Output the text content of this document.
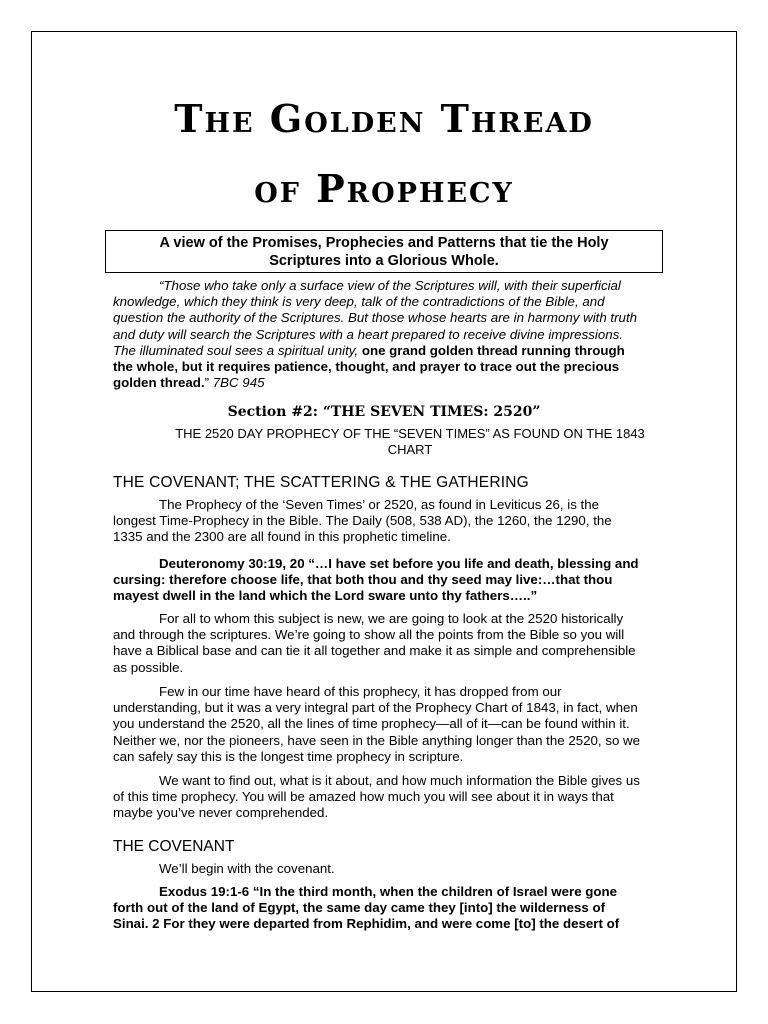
The Golden Thread
of Prophecy
A view of the Promises, Prophecies and Patterns that tie the Holy
Scriptures into a Glorious Whole.
“Those who take only a surface view of the Scriptures will, with their superficial knowledge, which they think is very deep, talk of the contradictions of the Bible, and question the authority of the Scriptures. But those whose hearts are in harmony with truth and duty will search the Scriptures with a heart prepared to receive divine impressions. The illuminated soul sees a spiritual unity, one grand golden thread running through the whole, but it requires patience, thought, and prayer to trace out the precious golden thread.” 7BC 945
Section #2: “THE SEVEN TIMES: 2520”
THE 2520 DAY PROPHECY OF THE “SEVEN TIMES” AS FOUND ON THE 1843 CHART
THE COVENANT; THE SCATTERING & THE GATHERING

The Prophecy of the ‘Seven Times’ or 2520, as found in Leviticus 26, is the longest Time-Prophecy in the Bible. The Daily (508, 538 AD), the 1260, the 1290, the 1335 and the 2300 are all found in this prophetic timeline.

Deuteronomy 30:19, 20 “…I have set before you life and death, blessing and cursing: therefore choose life, that both thou and thy seed may live:…that thou mayest dwell in the land which the Lord sware unto thy fathers…..”

For all to whom this subject is new, we are going to look at the 2520 historically and through the scriptures. We’re going to show all the points from the Bible so you will have a Biblical base and can tie it all together and make it as simple and comprehensible as possible.

Few in our time have heard of this prophecy, it has dropped from our understanding, but it was a very integral part of the Prophecy Chart of 1843, in fact, when you understand the 2520, all the lines of time prophecy—all of it—can be found within it. Neither we, nor the pioneers, have seen in the Bible anything longer than the 2520, so we can safely say this is the longest time prophecy in scripture.

We want to find out, what is it about, and how much information the Bible gives us of this time prophecy. You will be amazed how much you will see about it in ways that maybe you’ve never comprehended.

THE COVENANT

We’ll begin with the covenant.

Exodus 19:1-6 “In the third month, when the children of Israel were gone forth out of the land of Egypt, the same day came they [into] the wilderness of Sinai. 2 For they were departed from Rephidim, and were come [to] the desert of
